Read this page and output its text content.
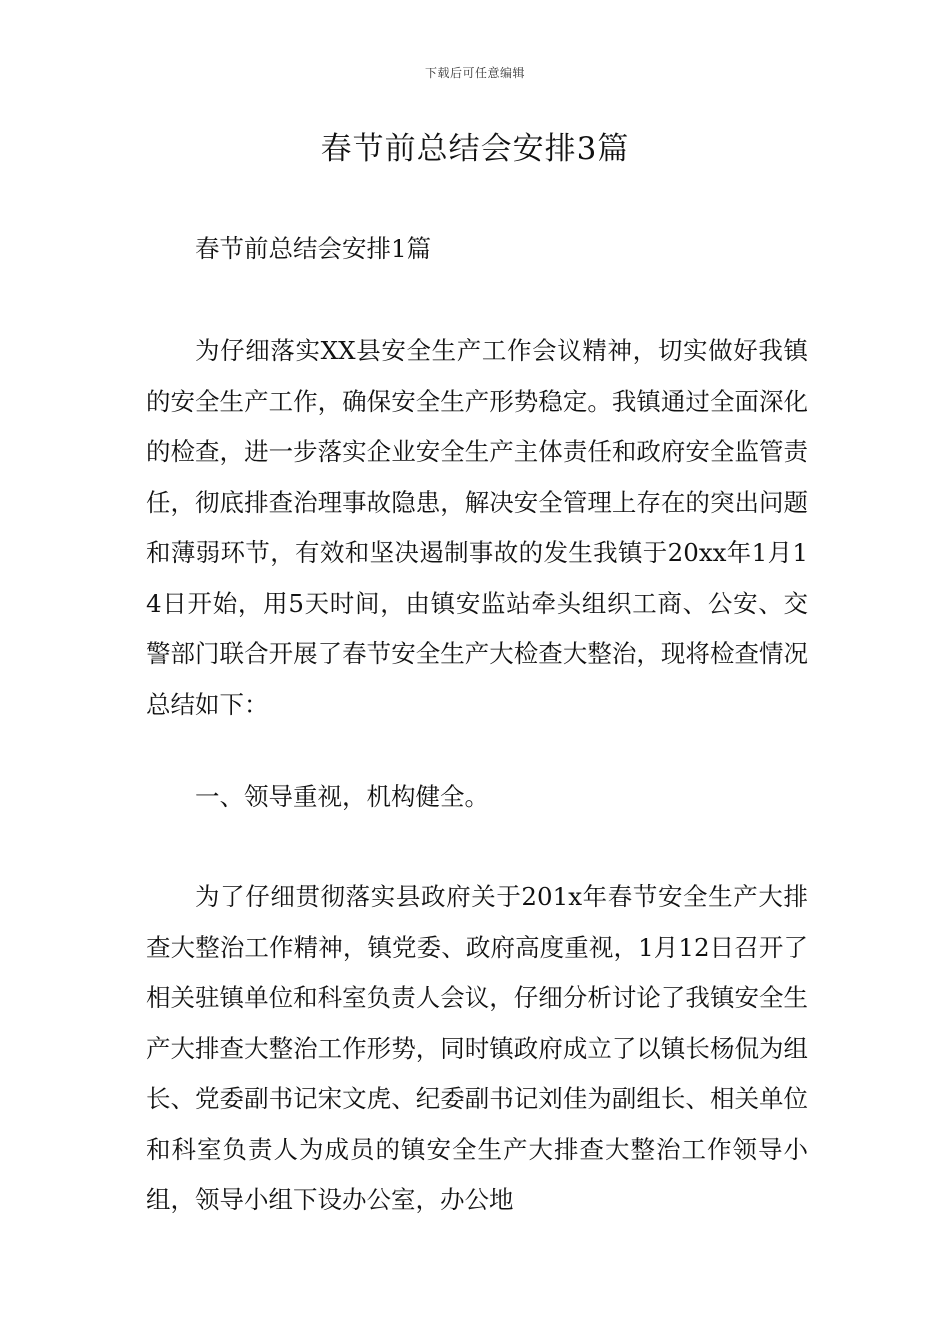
下载后可任意编辑
春节前总结会安排3篇

春节前总结会安排1篇

为仔细落实XX县安全生产工作会议精神，切实做好我镇的安全生产工作，确保安全生产形势稳定。我镇通过全面深化的检查，进一步落实企业安全生产主体责任和政府安全监管责任，彻底排查治理事故隐患，解决安全管理上存在的突出问题和薄弱环节，有效和坚决遏制事故的发生我镇于20xx年1月14日开始，用5天时间，由镇安监站牵头组织工商、公安、交警部门联合开展了春节安全生产大检查大整治，现将检查情况总结如下：

一、领导重视，机构健全。

为了仔细贯彻落实县政府关于201x年春节安全生产大排查大整治工作精神，镇党委、政府高度重视，1月12日召开了相关驻镇单位和科室负责人会议，仔细分析讨论了我镇安全生产大排查大整治工作形势，同时镇政府成立了以镇长杨侃为组长、党委副书记宋文虎、纪委副书记刘佳为副组长、相关单位和科室负责人为成员的镇安全生产大排查大整治工作领导小组，领导小组下设办公室，办公地
